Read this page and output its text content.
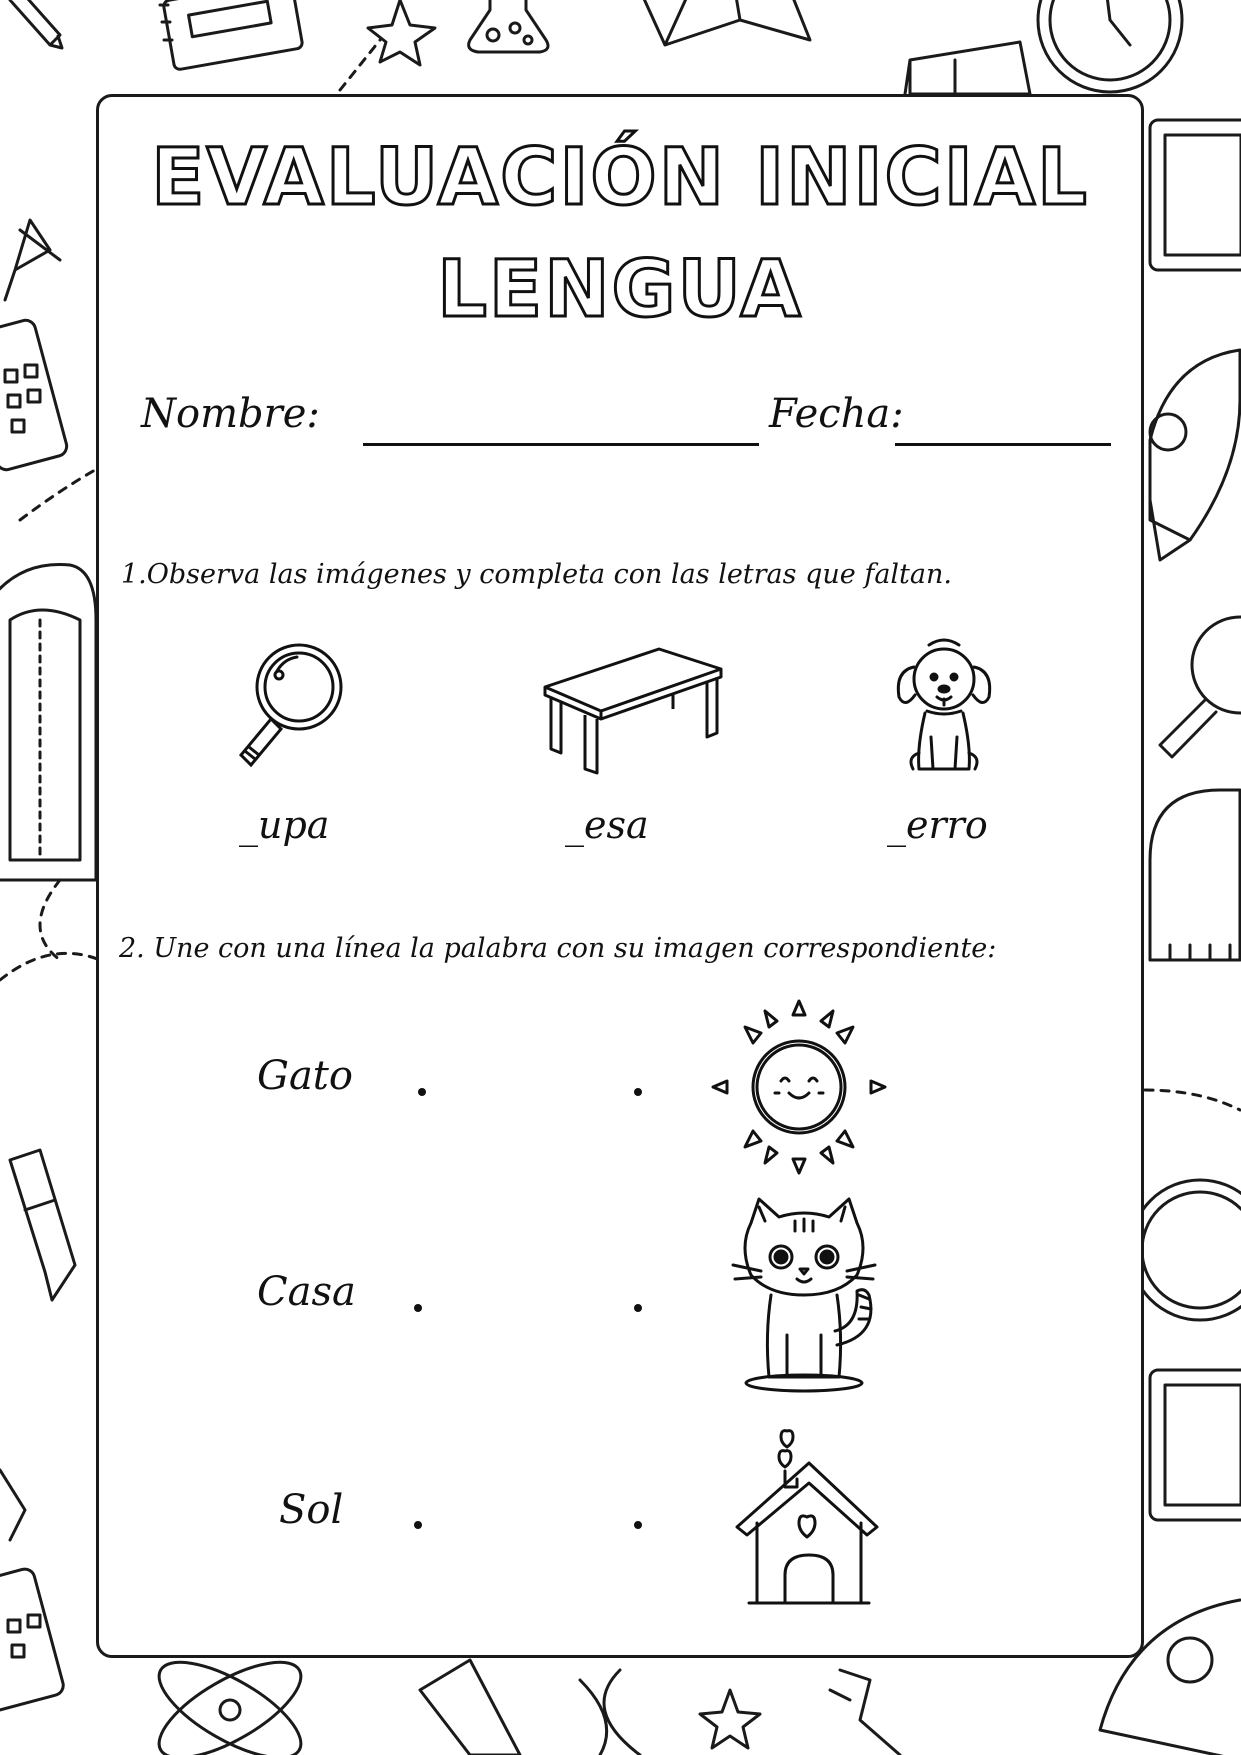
EVALUACIÓN INICIAL
LENGUA
Nombre:	Fecha:
1.Observa las imágenes y completa con las letras que faltan.
_upa	_esa	_erro
2. Une con una línea la palabra con su imagen correspondiente:
Gato
Casa
Sol
